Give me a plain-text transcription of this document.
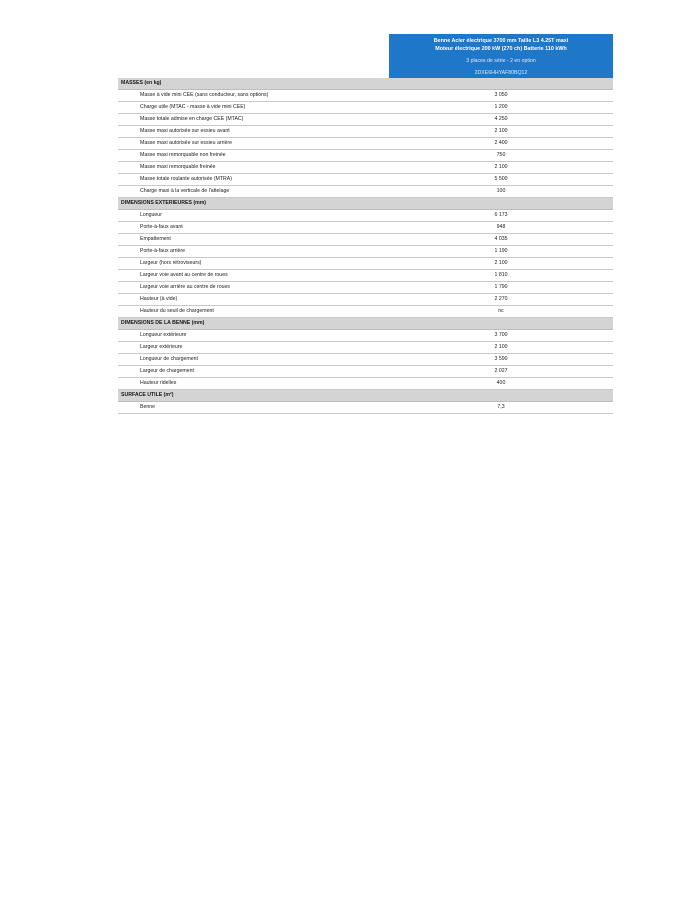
Benne Acier électrique 3700 mm Taille L3 4.25T maxi
Moteur électrique 200 kW (270 ch) Batterie 110 kWh
3 places de série - 2 en option
2DXE6HHYAF80BQ12
MASSES (en kg)
Masse à vide mini CEE (sans conducteur, sans options)	3 050
Charge utile (MTAC - masse à vide mini CEE)	1 200
Masse totale admise en charge CEE (MTAC)	4 250
Masse maxi autorisée sur essieu avant	2 100
Masse maxi autorisée sur essieu arrière	2 400
Masse maxi remorquable non freinée	750
Masse maxi remorquable freinée	2 100
Masse totale roulante autorisée (MTRA)	5 500
Charge maxi à la verticale de l'attelage	100
DIMENSIONS EXTERIEURES (mm)
Longueur	6 173
Porte-à-faux avant	948
Empattement	4 035
Porte-à-faux arrière	1 190
Largeur (hors rétroviseurs)	2 100
Largeur voie avant au centre de roues	1 810
Largeur voie arrière au centre de roues	1 790
Hauteur (à vide)	2 270
Hauteur du seuil de chargement	nc
DIMENSIONS DE LA BENNE (mm)
Longueur extérieure	3 700
Largeur extérieure	2 100
Longueur de chargement	3 590
Largeur de chargement	2 027
Hauteur ridelles	400
SURFACE UTILE (m²)
Benne	7,3
